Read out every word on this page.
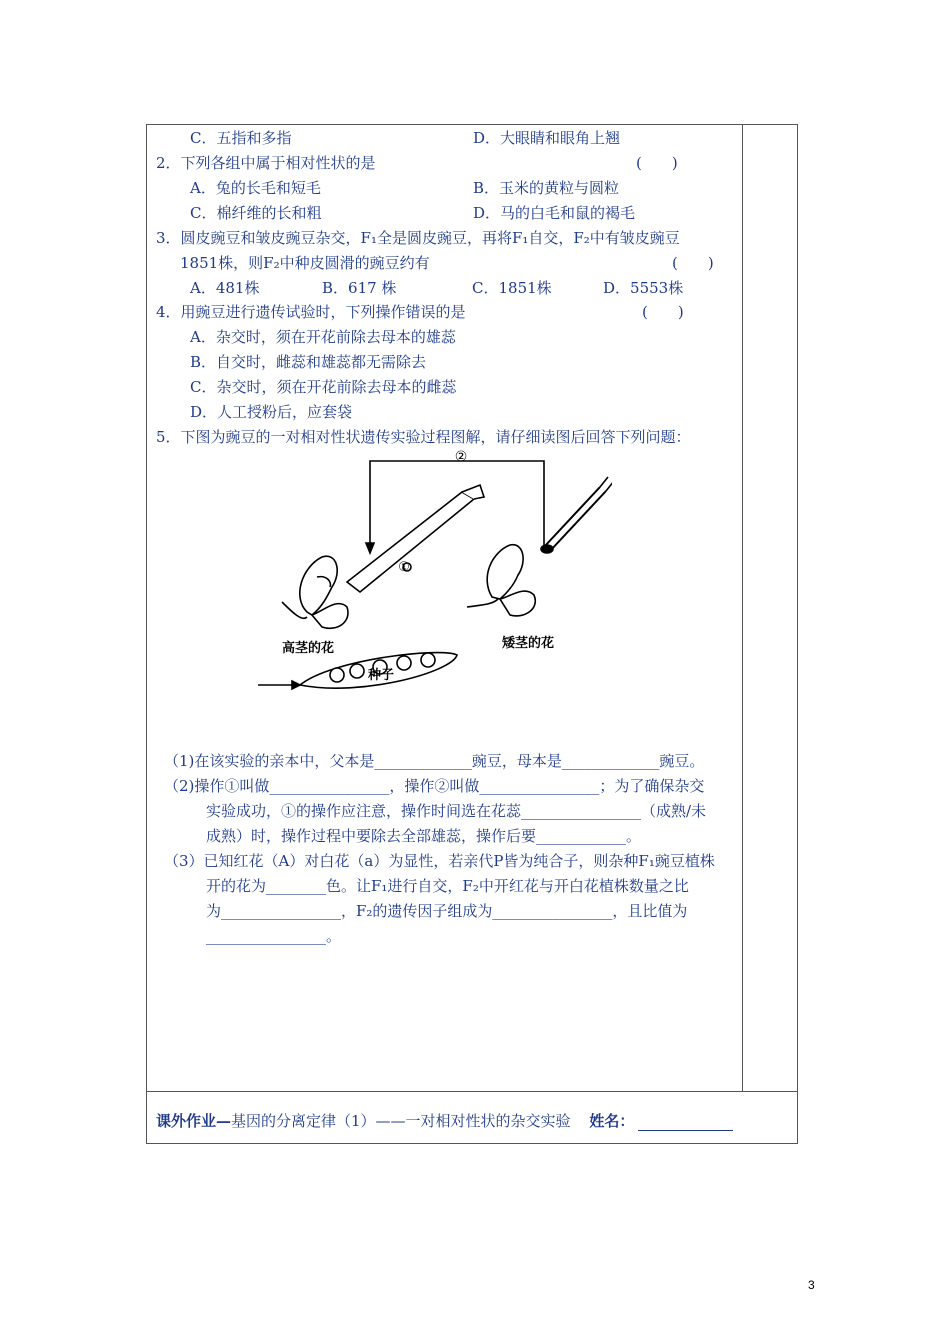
C．五指和多指	D．大眼睛和眼角上翘
2．下列各组中属于相对性状的是	(　　)
A．兔的长毛和短毛	B．玉米的黄粒与圆粒
C．棉纤维的长和粗	D．马的白毛和鼠的褐毛
3．圆皮豌豆和皱皮豌豆杂交，F₁全是圆皮豌豆，再将F₁自交，F₂中有皱皮豌豆
1851株，则F₂中种皮圆滑的豌豆约有	(　　)
A．481株	B．617 株	C．1851株	D．5553株
4．用豌豆进行遗传试验时，下列操作错误的是	(　　)
A．杂交时，须在开花前除去母本的雄蕊
B．自交时，雌蕊和雄蕊都无需除去
C．杂交时，须在开花前除去母本的雌蕊
D．人工授粉后，应套袋
5．下图为豌豆的一对相对性状遗传实验过程图解，请仔细读图后回答下列问题：
②
①
高茎的花	矮茎的花
种子
（1)在该实验的亲本中，父本是_____________豌豆，母本是_____________豌豆。
（2)操作①叫做________________，操作②叫做________________；为了确保杂交
实验成功，①的操作应注意，操作时间选在花蕊________________（成熟/未
成熟）时，操作过程中要除去全部雄蕊，操作后要____________。
（3）已知红花（A）对白花（a）为显性，若亲代P皆为纯合子，则杂种F₁豌豆植株
开的花为________色。让F₁进行自交，F₂中开红花与开白花植株数量之比
为________________，F₂的遗传因子组成为________________，且比值为
________________。
课外作业—基因的分离定律（1）——一对相对性状的杂交实验 姓名：
3
